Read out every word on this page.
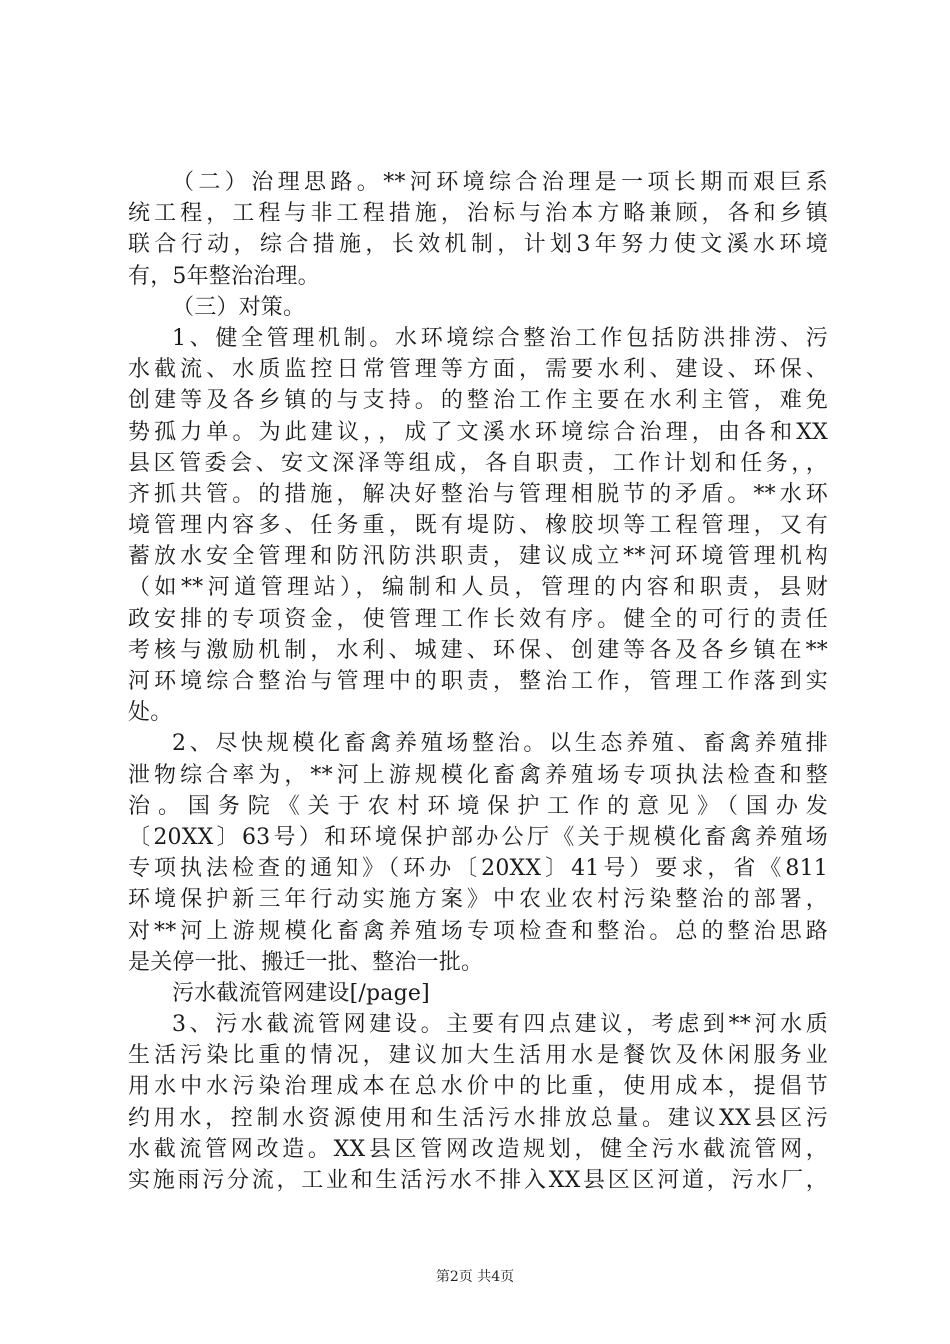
（二）治理思路。**河环境综合治理是一项长期而艰巨系
统工程，工程与非工程措施，治标与治本方略兼顾，各和乡镇
联合行动，综合措施，长效机制，计划3年努力使文溪水环境
有，5年整治治理。
（三）对策。
1、健全管理机制。水环境综合整治工作包括防洪排涝、污
水截流、水质监控日常管理等方面，需要水利、建设、环保、
创建等及各乡镇的与支持。的整治工作主要在水利主管，难免
势孤力单。为此建议，，成了文溪水环境综合治理，由各和XX
县区管委会、安文深泽等组成，各自职责，工作计划和任务，，
齐抓共管。的措施，解决好整治与管理相脱节的矛盾。**水环
境管理内容多、任务重，既有堤防、橡胶坝等工程管理，又有
蓄放水安全管理和防汛防洪职责，建议成立**河环境管理机构
（如**河道管理站），编制和人员，管理的内容和职责，县财
政安排的专项资金，使管理工作长效有序。健全的可行的责任
考核与激励机制，水利、城建、环保、创建等各及各乡镇在**
河环境综合整治与管理中的职责，整治工作，管理工作落到实
处。
2、尽快规模化畜禽养殖场整治。以生态养殖、畜禽养殖排
泄物综合率为，**河上游规模化畜禽养殖场专项执法检查和整
治。国务院《关于农村环境保护工作的意见》（国办发
〔20XX〕63号）和环境保护部办公厅《关于规模化畜禽养殖场
专项执法检查的通知》（环办〔20XX〕41号）要求，省《811
环境保护新三年行动实施方案》中农业农村污染整治的部署，
对**河上游规模化畜禽养殖场专项检查和整治。总的整治思路
是关停一批、搬迁一批、整治一批。
污水截流管网建设[/page]
3、污水截流管网建设。主要有四点建议，考虑到**河水质
生活污染比重的情况，建议加大生活用水是餐饮及休闲服务业
用水中水污染治理成本在总水价中的比重，使用成本，提倡节
约用水，控制水资源使用和生活污水排放总量。建议XX县区污
水截流管网改造。XX县区管网改造规划，健全污水截流管网，
实施雨污分流，工业和生活污水不排入XX县区区河道，污水厂，
第2页 共4页
